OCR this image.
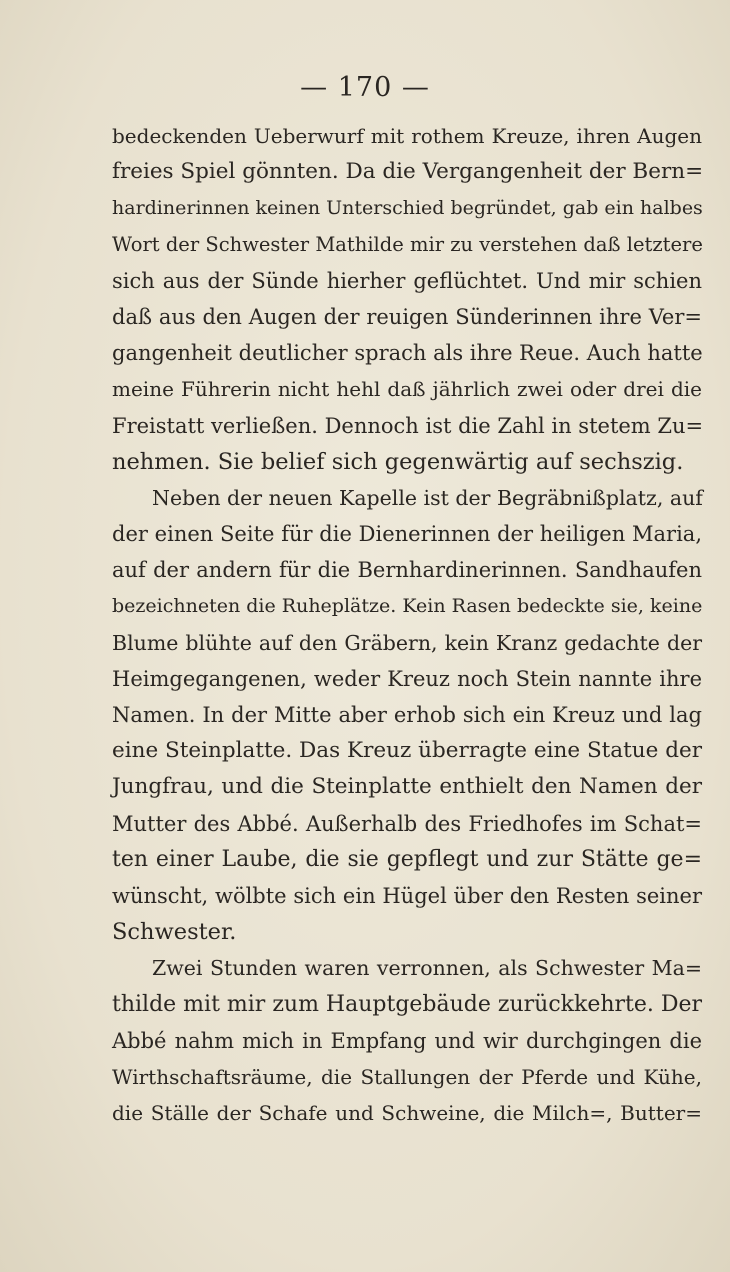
— 170 —
bedeckenden Ueberwurf mit rothem Kreuze, ihren Augen
freies Spiel gönnten. Da die Vergangenheit der Bern=
hardinerinnen keinen Unterschied begründet, gab ein halbes
Wort der Schwester Mathilde mir zu verstehen daß letztere
sich aus der Sünde hierher geflüchtet. Und mir schien
daß aus den Augen der reuigen Sünderinnen ihre Ver=
gangenheit deutlicher sprach als ihre Reue. Auch hatte
meine Führerin nicht hehl daß jährlich zwei oder drei die
Freistatt verließen. Dennoch ist die Zahl in stetem Zu=
nehmen. Sie belief sich gegenwärtig auf sechszig.
Neben der neuen Kapelle ist der Begräbnißplatz, auf
der einen Seite für die Dienerinnen der heiligen Maria,
auf der andern für die Bernhardinerinnen. Sandhaufen
bezeichneten die Ruheplätze. Kein Rasen bedeckte sie, keine
Blume blühte auf den Gräbern, kein Kranz gedachte der
Heimgegangenen, weder Kreuz noch Stein nannte ihre
Namen. In der Mitte aber erhob sich ein Kreuz und lag
eine Steinplatte. Das Kreuz überragte eine Statue der
Jungfrau, und die Steinplatte enthielt den Namen der
Mutter des Abbé. Außerhalb des Friedhofes im Schat=
ten einer Laube, die sie gepflegt und zur Stätte ge=
wünscht, wölbte sich ein Hügel über den Resten seiner
Schwester.
Zwei Stunden waren verronnen, als Schwester Ma=
thilde mit mir zum Hauptgebäude zurückkehrte. Der
Abbé nahm mich in Empfang und wir durchgingen die
Wirthschaftsräume, die Stallungen der Pferde und Kühe,
die Ställe der Schafe und Schweine, die Milch=, Butter=
